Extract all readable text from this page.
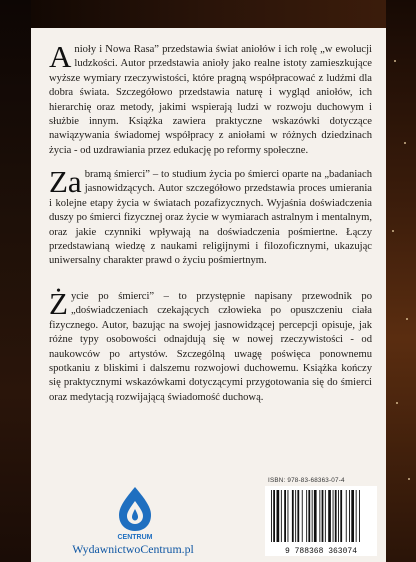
A nioły i Nowa Rasa” przedstawia świat aniołów i ich rolę „w ewolucji ludzkości. Autor przedstawia anioły jako realne istoty zamieszkujące wyższe wymiary rzeczywistości, które pragną współpracować z ludźmi dla dobra świata. Szczegółowo przedstawia naturę i wygląd aniołów, ich hierarchię oraz metody, jakimi wspierają ludzi w rozwoju duchowym i służbie innym. Książka zawiera praktyczne wskazówki dotyczące nawiązywania świadomej współpracy z aniołami w różnych dziedzinach życia - od uzdrawiania przez edukację po reformy społeczne.

Za bramą śmierci” – to studium życia po śmierci oparte na „badaniach jasnowidzących. Autor szczegółowo przedstawia proces umierania i kolejne etapy życia w światach pozafizycznych. Wyjaśnia doświadczenia duszy po śmierci fizycznej oraz życie w wymiarach astralnym i mentalnym, oraz jakie czynniki wpływają na doświadczenia pośmiertne. Łączy przedstawianą wiedzę z naukami religijnymi i filozoficznymi, ukazując uniwersalny charakter prawd o życiu pośmiertnym.

Ż ycie po śmierci” – to przystępnie napisany przewodnik po „doświadczeniach czekających człowieka po opuszczeniu ciała fizycznego. Autor, bazując na swojej jasnowidzącej percepcji opisuje, jak różne typy osobowości odnajdują się w nowej rzeczywistości - od naukowców po artystów. Szczególną uwagę poświęca ponownemu spotkaniu z bliskimi i dalszemu rozwojowi duchowemu. Książka kończy się praktycznymi wskazówkami dotyczącymi przygotowania się do śmierci oraz medytacją rozwijającą świadomość duchową.

CENTRUM
WydawnictwoCentrum.pl
ISBN: 978-83-68363-07-4
9 788368 363074
